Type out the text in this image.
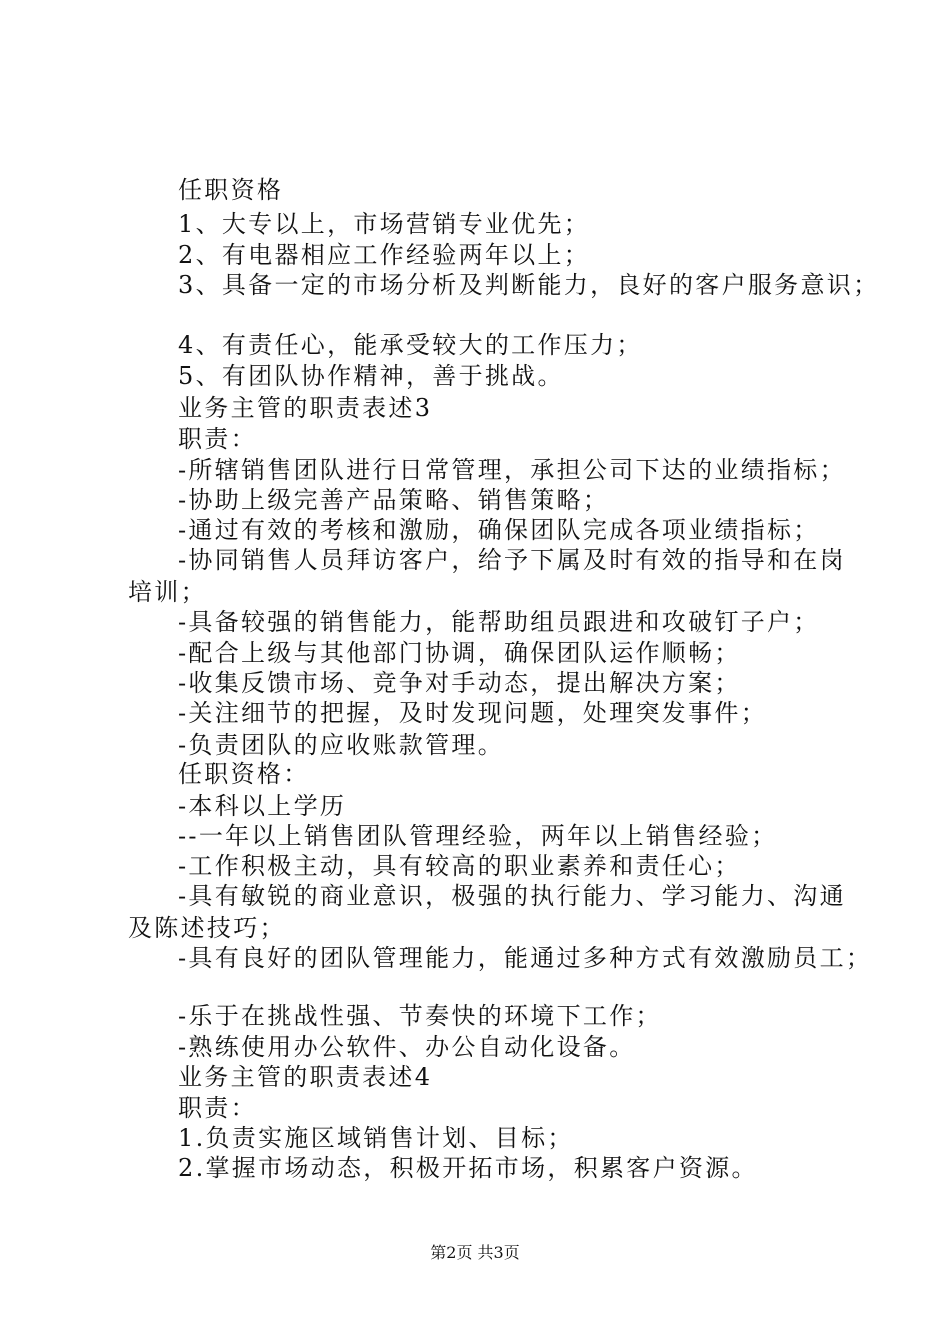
任职资格
1、大专以上，市场营销专业优先；
2、有电器相应工作经验两年以上；
3、具备一定的市场分析及判断能力，良好的客户服务意识；
4、有责任心，能承受较大的工作压力；
5、有团队协作精神，善于挑战。
业务主管的职责表述3
职责：
-所辖销售团队进行日常管理，承担公司下达的业绩指标；
-协助上级完善产品策略、销售策略；
-通过有效的考核和激励，确保团队完成各项业绩指标；
-协同销售人员拜访客户，给予下属及时有效的指导和在岗
培训；
-具备较强的销售能力，能帮助组员跟进和攻破钉子户；
-配合上级与其他部门协调，确保团队运作顺畅；
-收集反馈市场、竞争对手动态，提出解决方案；
-关注细节的把握，及时发现问题，处理突发事件；
-负责团队的应收账款管理。
任职资格：
-本科以上学历
--一年以上销售团队管理经验，两年以上销售经验；
-工作积极主动，具有较高的职业素养和责任心；
-具有敏锐的商业意识，极强的执行能力、学习能力、沟通
及陈述技巧；
-具有良好的团队管理能力，能通过多种方式有效激励员工；
-乐于在挑战性强、节奏快的环境下工作；
-熟练使用办公软件、办公自动化设备。
业务主管的职责表述4
职责：
1.负责实施区域销售计划、目标；
2.掌握市场动态，积极开拓市场，积累客户资源。
第2页 共3页
